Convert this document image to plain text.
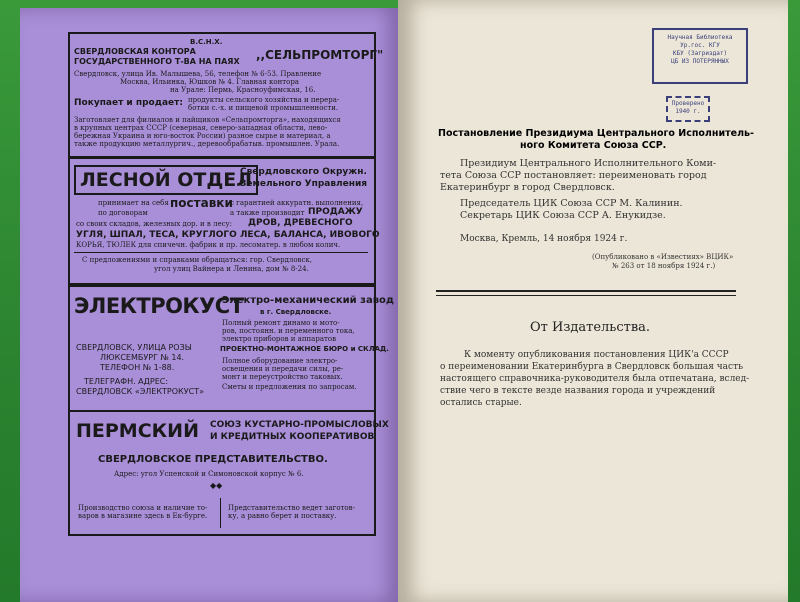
В.С.Н.Х.
СВЕРДЛОВСКАЯ КОНТОРА
ГОСУДАРСТВЕННОГО Т-ВА НА ПАЯХ ,,СЕЛЬПРОМТОРГ"
Свердловск, улица Ив. Малышева, 56, телефон № 6-53. Правление
Москва, Ильинка, Юшков № 4. Главная контора
на Урале: Пермь, Красноуфимская, 16.
Покупает и продает: продукты сельского хозяйства и перера-
ботки с.-х. и пищевой промышленности.
Заготовляет для филиалов и пайщиков «Сельпромторга», находящихся
в крупных центрах СССР (северная, северо-западная области, лево-
бережная Украина и юго-восток России) разное сырье и материал, а
также продукцию металлургич., деревообрабатыв. промышлен. Урала.
ЛЕСНОЙ ОТДЕЛ
Свердловского Окружн.
Земельного Управления
принимает на себя поставки
с гарантией аккуратн. выполнения,
по договорам	а также производит ПРОДАЖУ
со своих складов, железных дор. и в лесу: ДРОВ, ДРЕВЕСНОГО
УГЛЯ, ШПАЛ, ТЕСА, КРУГЛОГО ЛЕСА, БАЛАНСА, ИВОВОГО
КОРЬЯ, ТЮЛЕК для спичечн. фабрик и пр. лесоматер. в любом колич.
С предложениями и справками обращаться: гор. Свердловск,
угол улиц Вайнера и Ленина, дом № 8-24.
ЭЛЕКТРОКУСТ
Электро-механический завод
в г. Свердловске.
СВЕРДЛОВСК, УЛИЦА РОЗЫ
ЛЮКСЕМБУРГ № 14.
ТЕЛЕФОН № 1-88.
ТЕЛЕГРАФН. АДРЕС:
СВЕРДЛОВСК «ЭЛЕКТРОКУСТ»
Полный ремонт динамо и мото-
ров, постоянн. и переменного тока,
электро приборов и аппаратов
ПРОЕКТНО-МОНТАЖНОЕ БЮРО и СКЛАД.
Полное оборудование электро-
освещения и передачи силы, ре-
монт и переустройство таковых.
Сметы и предложения по запросам.
ПЕРМСКИЙ СОЮЗ КУСТАРНО-ПРОМЫСЛОВЫХ
И КРЕДИТНЫХ КООПЕРАТИВОВ
СВЕРДЛОВСКОЕ ПРЕДСТАВИТЕЛЬСТВО.
Адрес: угол Успенской и Симоновской корпус № 6.
◆◆
Производство союза и наличие то-
варов в магазине здесь в Ек-бурге.
Представительство ведет заготов-
ку, а равно берет и поставку.
Научная Библиотека
Ур.гос. КГУ
КБУ (Загриздат)
ЦБ ИЗ ПОТЕРЯННЫХ
Проверено
1940 г.
Постановление Президиума Центрального Исполнитель-
ного Комитета Союза ССР.
Президиум Центрального Исполнительного Коми-
тета Союза ССР постановляет: переименовать город
Екатеринбург в город Свердловск.
Председатель ЦИК Союза ССР М. Калинин.
Секретарь ЦИК Союза ССР А. Енукидзе.
Москва, Кремль, 14 ноября 1924 г.
(Опубликовано в «Известиях» ВЦИК»
№ 263 от 18 ноября 1924 г.)
От Издательства.
К моменту опубликования постановления ЦИК'а СССР
о переименовании Екатеринбурга в Свердловск большая часть
настоящего справочника-руководителя была отпечатана, вслед-
ствие чего в тексте везде названия города и учреждений
остались старые.
